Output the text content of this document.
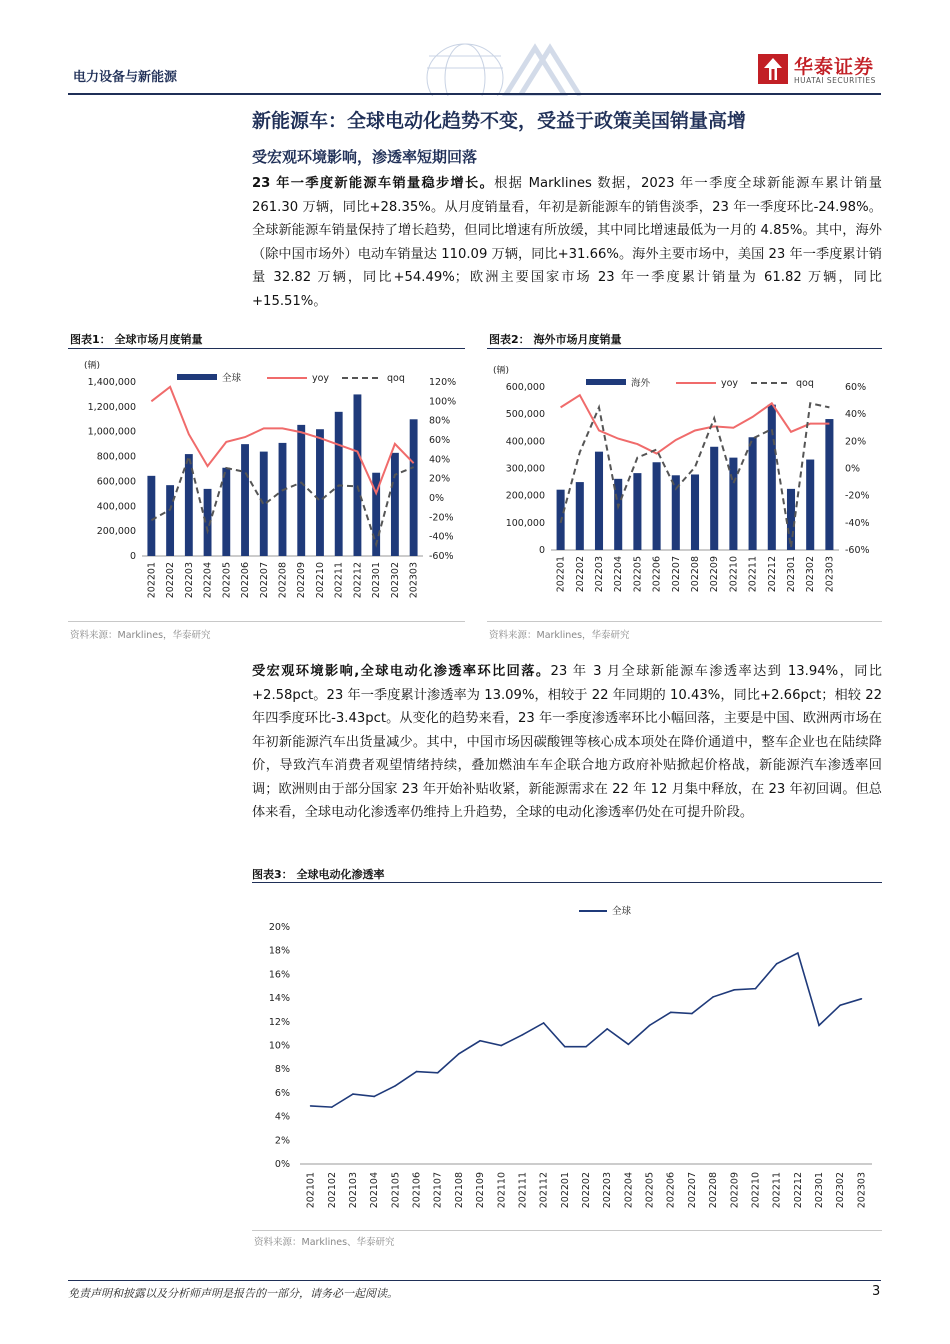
电力设备与新能源	华泰证券
HUATAI SECURITIES
新能源车：全球电动化趋势不变，受益于政策美国销量高增
受宏观环境影响，渗透率短期回落
23 年一季度新能源车销量稳步增长。根据 Marklines 数据，2023 年一季度全球新能源车累计销量 261.30 万辆，同比+28.35%。从月度销量看，年初是新能源车的销售淡季，23 年一季度环比-24.98%。全球新能源车销量保持了增长趋势，但同比增速有所放缓，其中同比增速最低为一月的 4.85%。其中，海外（除中国市场外）电动车销量达 110.09 万辆，同比+31.66%。海外主要市场中，美国 23 年一季度累计销量 32.82 万辆，同比+54.49%；欧洲主要国家市场 23 年一季度累计销量为 61.82 万辆，同比+15.51%。
图表1： 全球市场月度销量
(辆)
0
200,000
400,000
600,000
800,000
1,000,000
1,200,000
1,400,000
-60%
-40%
-20%
0%
20%
40%
60%
80%
100%
120%
202201 202202 202203 202204 202205 202206 202207 202208 202209 202210 202211 202212 202301 202302 202303
全球	yoy	qoq
资料来源：Marklines，华泰研究
图表2： 海外市场月度销量
(辆)
0
100,000
200,000
300,000
400,000
500,000
600,000
-60%
-40%
-20%
0%
20%
40%
60%
202201 202202 202203 202204 202205 202206 202207 202208 202209 202210 202211 202212 202301 202302 202303
海外	yoy	qoq
资料来源：Marklines，华泰研究
受宏观环境影响,全球电动化渗透率环比回落。23 年 3 月全球新能源车渗透率达到 13.94%，同比+2.58pct。23 年一季度累计渗透率为 13.09%，相较于 22 年同期的 10.43%，同比+2.66pct；相较 22 年四季度环比-3.43pct。从变化的趋势来看，23 年一季度渗透率环比小幅回落，主要是中国、欧洲两市场在年初新能源汽车出货量减少。其中，中国市场因碳酸锂等核心成本项处在降价通道中，整车企业也在陆续降价，导致汽车消费者观望情绪持续，叠加燃油车车企联合地方政府补贴掀起价格战，新能源汽车渗透率回调；欧洲则由于部分国家 23 年开始补贴收紧，新能源需求在 22 年 12 月集中释放，在 23 年初回调。但总体来看，全球电动化渗透率仍维持上升趋势，全球的电动化渗透率仍处在可提升阶段。
图表3： 全球电动化渗透率
0%
2%
4%
6%
8%
10%
12%
14%
16%
18%
20%
202101 202102 202103 202104 202105 202106 202107 202108 202109 202110 202111 202112 202201 202202 202203 202204 202205 202206 202207 202208 202209 202210 202211 202212 202301 202302 202303
全球
资料来源：Marklines、华泰研究
免责声明和披露以及分析师声明是报告的一部分，请务必一起阅读。	3
